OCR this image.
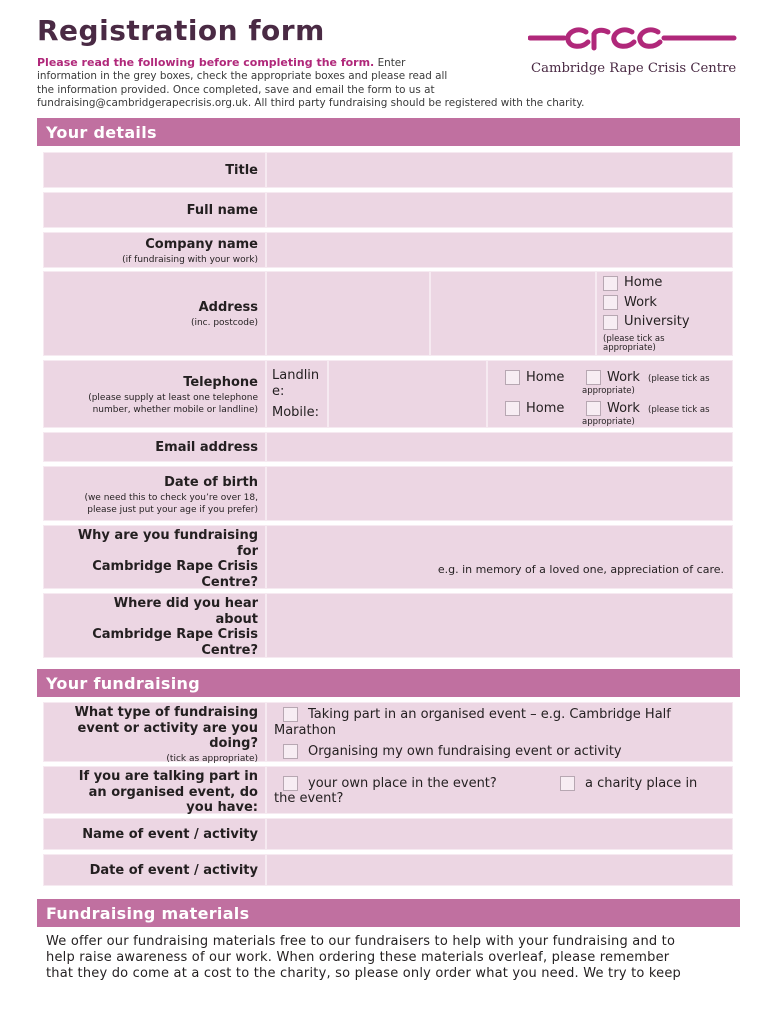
Registration form
Please read the following before completing the form. Enter
information in the grey boxes, check the appropriate boxes and please read all
the information provided. Once completed, save and email the form to us at
fundraising@cambridgerapecrisis.org.uk. All third party fundraising should be registered with the charity.
Cambridge Rape Crisis Centre
Your details
Title
Full name
Company name
(if fundraising with your work)
Address
(inc. postcode)
Home
Work
University
(please tick as
appropriate)
Telephone
(please supply at least one telephone
number, whether mobile or landline)
Landlin
e:
Mobile:
Home	Work (please tick as
appropriate)
Home	Work (please tick as
appropriate)
Email address
Date of birth
(we need this to check you’re over 18,
please just put your age if you prefer)
Why are you fundraising
for
Cambridge Rape Crisis
Centre?
e.g. in memory of a loved one, appreciation of care.
Where did you hear
about
Cambridge Rape Crisis
Centre?
Your fundraising
What type of fundraising
event or activity are you
doing?
(tick as appropriate)
Taking part in an organised event – e.g. Cambridge Half
Marathon
Organising my own fundraising event or activity
If you are talking part in
an organised event, do
you have:
your own place in the event?	a charity place in
the event?
Name of event / activity
Date of event / activity
Fundraising materials
We offer our fundraising materials free to our fundraisers to help with your fundraising and to
help raise awareness of our work. When ordering these materials overleaf, please remember
that they do come at a cost to the charity, so please only order what you need. We try to keep
